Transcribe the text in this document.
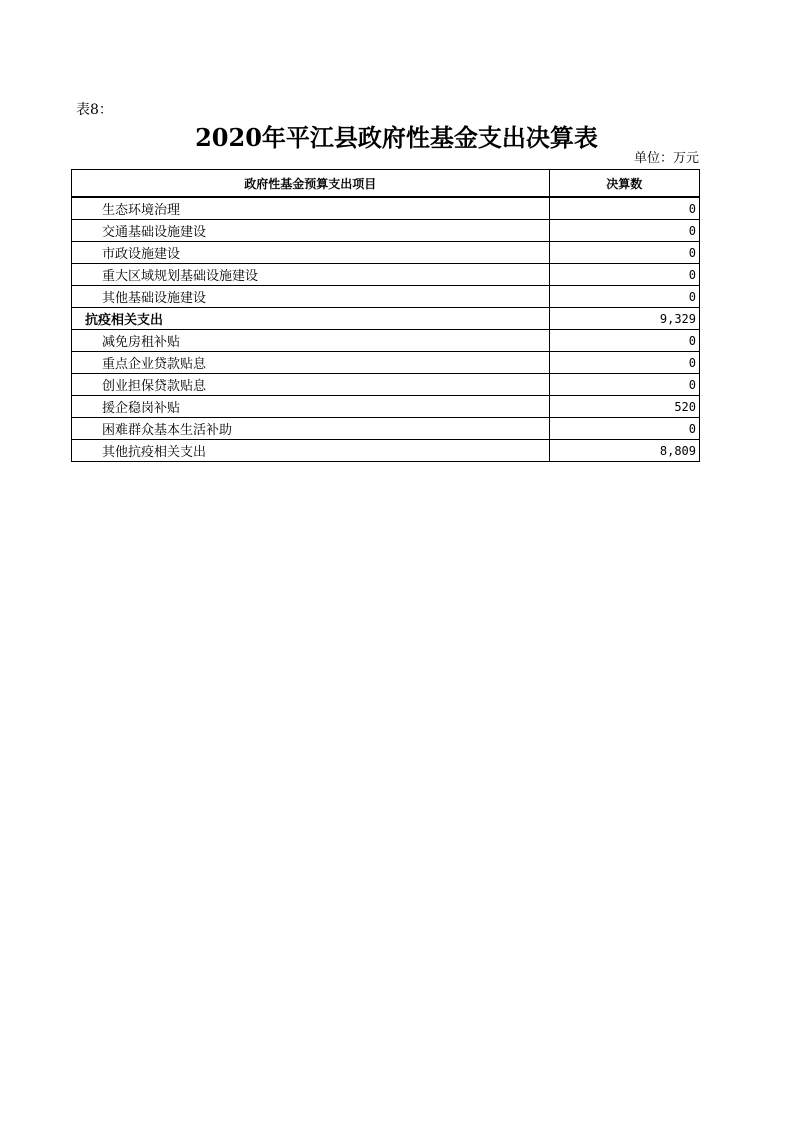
表8：
2020年平江县政府性基金支出决算表
单位：万元
政府性基金预算支出项目	决算数
生态环境治理	0
交通基础设施建设	0
市政设施建设	0
重大区域规划基础设施建设	0
其他基础设施建设	0
抗疫相关支出	9,329
减免房租补贴	0
重点企业贷款贴息	0
创业担保贷款贴息	0
援企稳岗补贴	520
困难群众基本生活补助	0
其他抗疫相关支出	8,809
